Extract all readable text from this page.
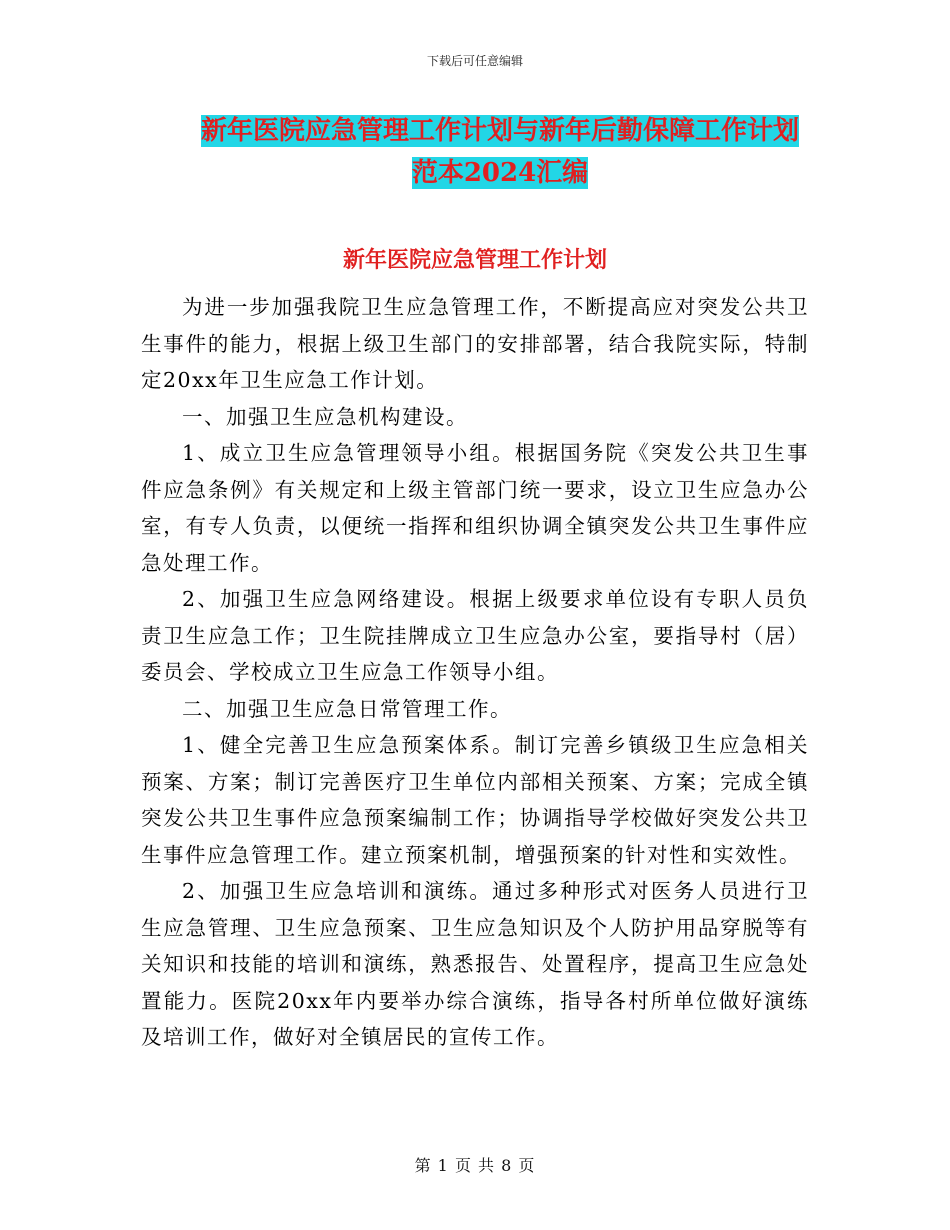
下载后可任意编辑
新年医院应急管理工作计划与新年后勤保障工作计划
范本2024汇编
新年医院应急管理工作计划

为进一步加强我院卫生应急管理工作，不断提高应对突发公共卫生事件的能力，根据上级卫生部门的安排部署，结合我院实际，特制定20xx年卫生应急工作计划。

一、加强卫生应急机构建设。

1、成立卫生应急管理领导小组。根据国务院《突发公共卫生事件应急条例》有关规定和上级主管部门统一要求，设立卫生应急办公室，有专人负责，以便统一指挥和组织协调全镇突发公共卫生事件应急处理工作。

2、加强卫生应急网络建设。根据上级要求单位设有专职人员负责卫生应急工作；卫生院挂牌成立卫生应急办公室，要指导村（居）委员会、学校成立卫生应急工作领导小组。

二、加强卫生应急日常管理工作。

1、健全完善卫生应急预案体系。制订完善乡镇级卫生应急相关预案、方案；制订完善医疗卫生单位内部相关预案、方案；完成全镇突发公共卫生事件应急预案编制工作；协调指导学校做好突发公共卫生事件应急管理工作。建立预案机制，增强预案的针对性和实效性。

2、加强卫生应急培训和演练。通过多种形式对医务人员进行卫生应急管理、卫生应急预案、卫生应急知识及个人防护用品穿脱等有关知识和技能的培训和演练，熟悉报告、处置程序，提高卫生应急处置能力。医院20xx年内要举办综合演练，指导各村所单位做好演练及培训工作，做好对全镇居民的宣传工作。

第 1 页 共 8 页
